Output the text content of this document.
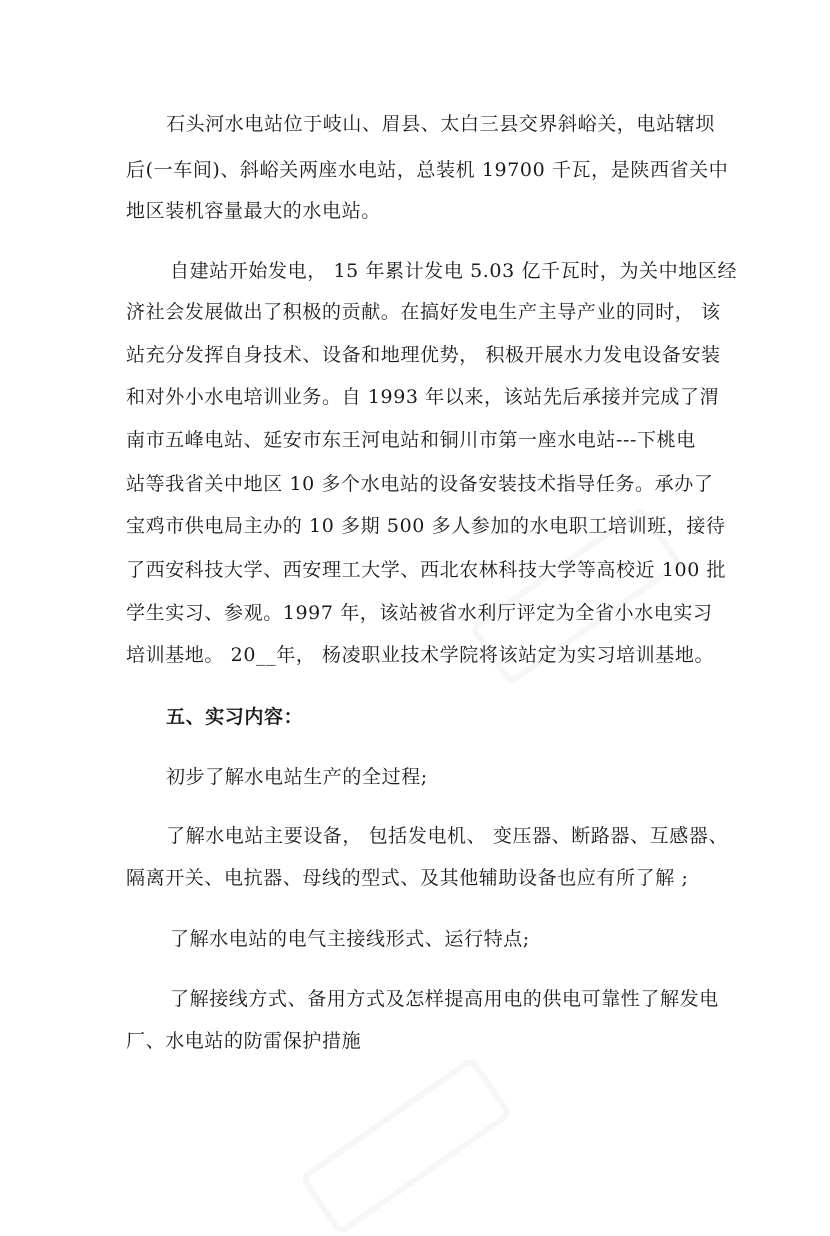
石头河水电站位于岐山、眉县、太白三县交界斜峪关，电站辖坝
后(一车间)、斜峪关两座水电站，总装机 19700 千瓦，是陕西省关中
地区装机容量最大的水电站。
自建站开始发电， 15 年累计发电 5.03 亿千瓦时，为关中地区经
济社会发展做出了积极的贡献。在搞好发电生产主导产业的同时， 该
站充分发挥自身技术、设备和地理优势， 积极开展水力发电设备安装
和对外小水电培训业务。自 1993 年以来，该站先后承接并完成了渭
南市五峰电站、延安市东王河电站和铜川市第一座水电站---下桃电
站等我省关中地区 10 多个水电站的设备安装技术指导任务。承办了
宝鸡市供电局主办的 10 多期 500 多人参加的水电职工培训班，接待
了西安科技大学、西安理工大学、西北农林科技大学等高校近 100 批
学生实习、参观。1997 年，该站被省水利厅评定为全省小水电实习
培训基地。 20__年， 杨凌职业技术学院将该站定为实习培训基地。
五、实习内容：
初步了解水电站生产的全过程;
了解水电站主要设备， 包括发电机、 变压器、断路器、互感器、
隔离开关、电抗器、母线的型式、及其他辅助设备也应有所了解 ;
了解水电站的电气主接线形式、运行特点;
了解接线方式、备用方式及怎样提高用电的供电可靠性了解发电
厂、水电站的防雷保护措施
